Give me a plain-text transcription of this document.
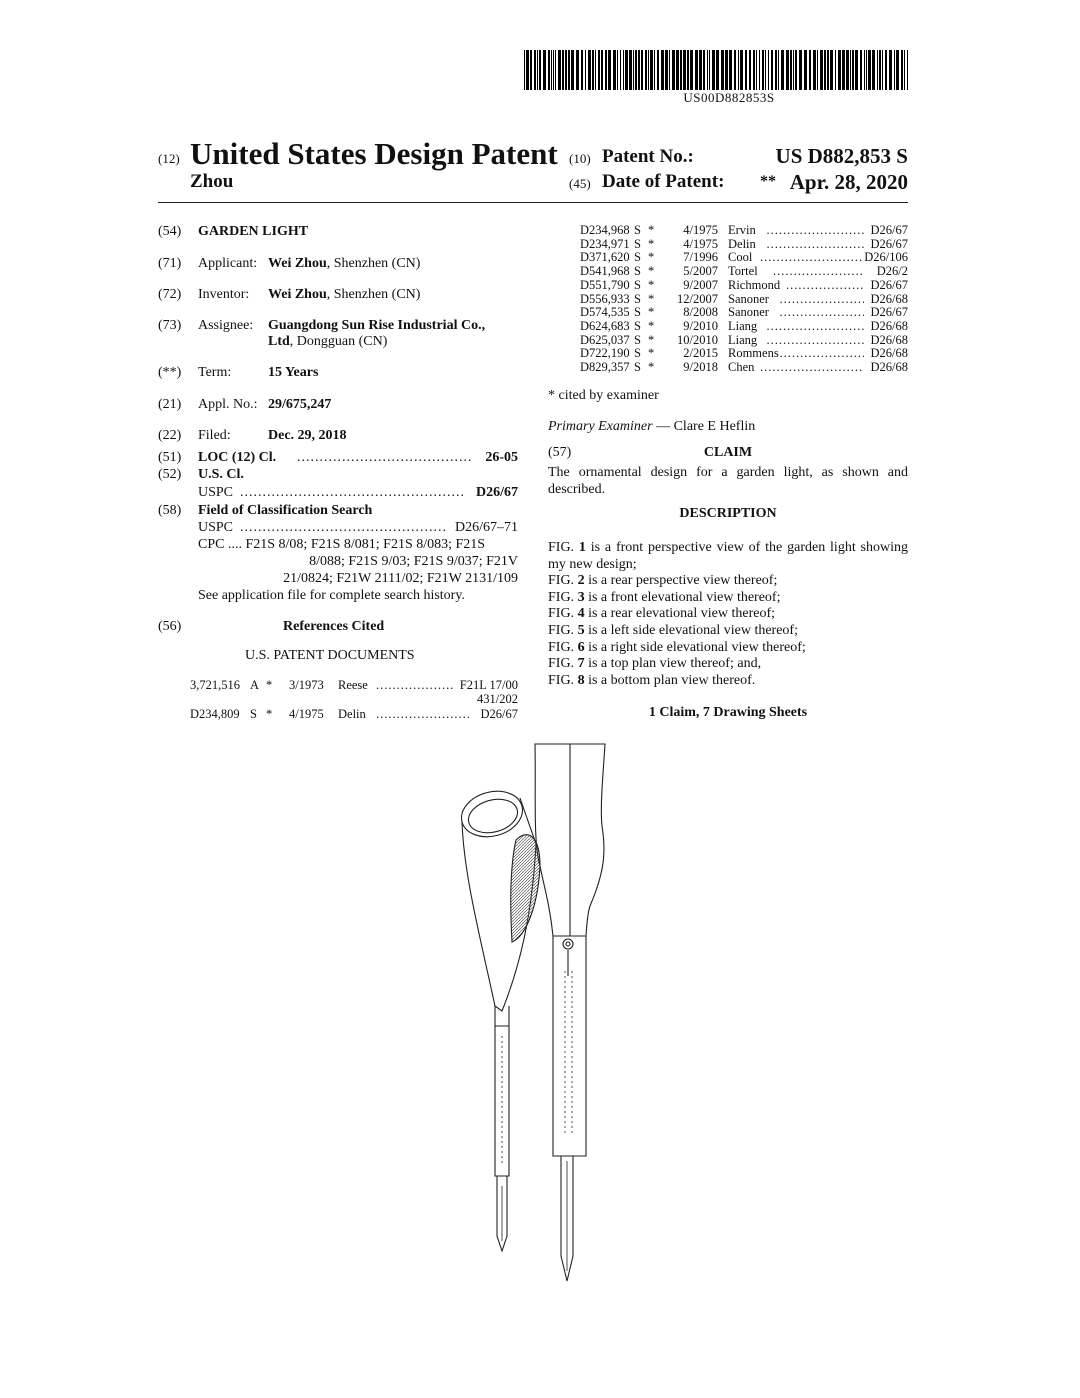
US00D882853S
(12) United States Design Patent
Zhou
(10) Patent No.:	US D882,853 S
(45) Date of Patent: ** Apr. 28, 2020
(54) GARDEN LIGHT
(71) Applicant: Wei Zhou, Shenzhen (CN)
(72) Inventor: Wei Zhou, Shenzhen (CN)
(73) Assignee: Guangdong Sun Rise Industrial Co.,
Ltd, Dongguan (CN)
(**) Term:	15 Years
(21) Appl. No.: 29/675,247
(22) Filed:	Dec. 29, 2018
(51) LOC (12) Cl. .....	26-05
(52) U.S. Cl.
USPC .....	D26/67
(58) Field of Classification Search
USPC .....	D26/67–71
CPC .... F21S 8/08; F21S 8/081; F21S 8/083; F21S
8/088; F21S 9/03; F21S 9/037; F21V
21/0824; F21W 2111/02; F21W 2131/109
See application file for complete search history.
(56)	References Cited
U.S. PATENT DOCUMENTS
3,721,516 A * 3/1973 Reese .....	F21L 17/00
431/202
D234,809 S * 4/1975 Delin .....	D26/67
D234,968	S	*	4/1975		Ervin ..... D26/67

D234,971	S	*	4/1975		Delin ..... D26/67

D371,620	S	*	7/1996		Cool ..... D26/106

D541,968	S	*	5/2007		Tortel ..... D26/2

D551,790	S	*	9/2007		Richmond ..... D26/67

D556,933	S	*	12/2007		Sanoner ..... D26/68

D574,535	S	*	8/2008		Sanoner ..... D26/67

D624,683	S	*	9/2010		Liang ..... D26/68

D625,037	S	*	10/2010		Liang ..... D26/68

D722,190	S	*	2/2015		Rommens ..... D26/68

D829,357	S	*	9/2018		Chen ..... D26/68
* cited by examiner
Primary Examiner — Clare E Heflin
(57)	CLAIM
The ornamental design for a garden light, as shown and described.
DESCRIPTION

FIG. 1 is a front perspective view of the garden light showing my new design;

FIG. 2 is a rear perspective view thereof;

FIG. 3 is a front elevational view thereof;

FIG. 4 is a rear elevational view thereof;

FIG. 5 is a left side elevational view thereof;

FIG. 6 is a right side elevational view thereof;

FIG. 7 is a top plan view thereof; and,

FIG. 8 is a bottom plan view thereof.

1 Claim, 7 Drawing Sheets
